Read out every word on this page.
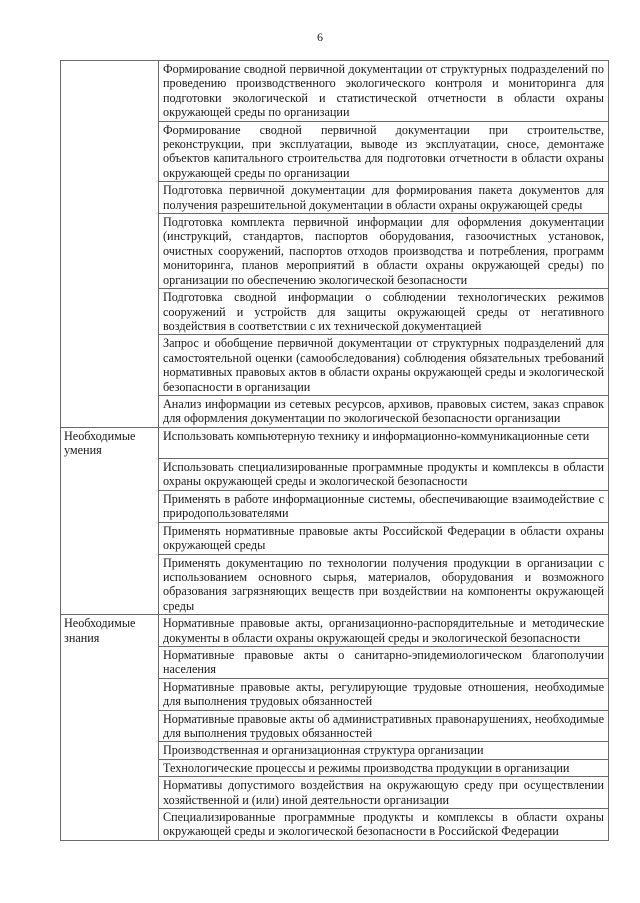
6
	Формирование сводной первичной документации от структурных подразделений по проведению производственного экологического контроля и мониторинга для подготовки экологической и статистической отчетности в области охраны окружающей среды по организации
	Формирование сводной первичной документации при строительстве, реконструкции, при эксплуатации, выводе из эксплуатации, сносе, демонтаже объектов капитального строительства для подготовки отчетности в области охраны окружающей среды по организации
	Подготовка первичной документации для формирования пакета документов для получения разрешительной документации в области охраны окружающей среды
	Подготовка комплекта первичной информации для оформления документации (инструкций, стандартов, паспортов оборудования, газоочистных установок, очистных сооружений, паспортов отходов производства и потребления, программ мониторинга, планов мероприятий в области охраны окружающей среды) по организации по обеспечению экологической безопасности
	Подготовка сводной информации о соблюдении технологических режимов сооружений и устройств для защиты окружающей среды от негативного воздействия в соответствии с их технической документацией
	Запрос и обобщение первичной документации от структурных подразделений для самостоятельной оценки (самообследования) соблюдения обязательных требований нормативных правовых актов в области охраны окружающей среды и экологической безопасности в организации
	Анализ информации из сетевых ресурсов, архивов, правовых систем, заказ справок для оформления документации по экологической безопасности организации
Необходимые умения	Использовать компьютерную технику и информационно-коммуникационные сети
	Использовать специализированные программные продукты и комплексы в области охраны окружающей среды и экологической безопасности
	Применять в работе информационные системы, обеспечивающие взаимодействие с природопользователями
	Применять нормативные правовые акты Российской Федерации в области охраны окружающей среды
	Применять документацию по технологии получения продукции в организации с использованием основного сырья, материалов, оборудования и возможного образования загрязняющих веществ при воздействии на компоненты окружающей среды
Необходимые знания	Нормативные правовые акты, организационно-распорядительные и методические документы в области охраны окружающей среды и экологической безопасности
	Нормативные правовые акты о санитарно-эпидемиологическом благополучии населения
	Нормативные правовые акты, регулирующие трудовые отношения, необходимые для выполнения трудовых обязанностей
	Нормативные правовые акты об административных правонарушениях, необходимые для выполнения трудовых обязанностей
	Производственная и организационная структура организации
	Технологические процессы и режимы производства продукции в организации
	Нормативы допустимого воздействия на окружающую среду при осуществлении хозяйственной и (или) иной деятельности организации
	Специализированные программные продукты и комплексы в области охраны окружающей среды и экологической безопасности в Российской Федерации
